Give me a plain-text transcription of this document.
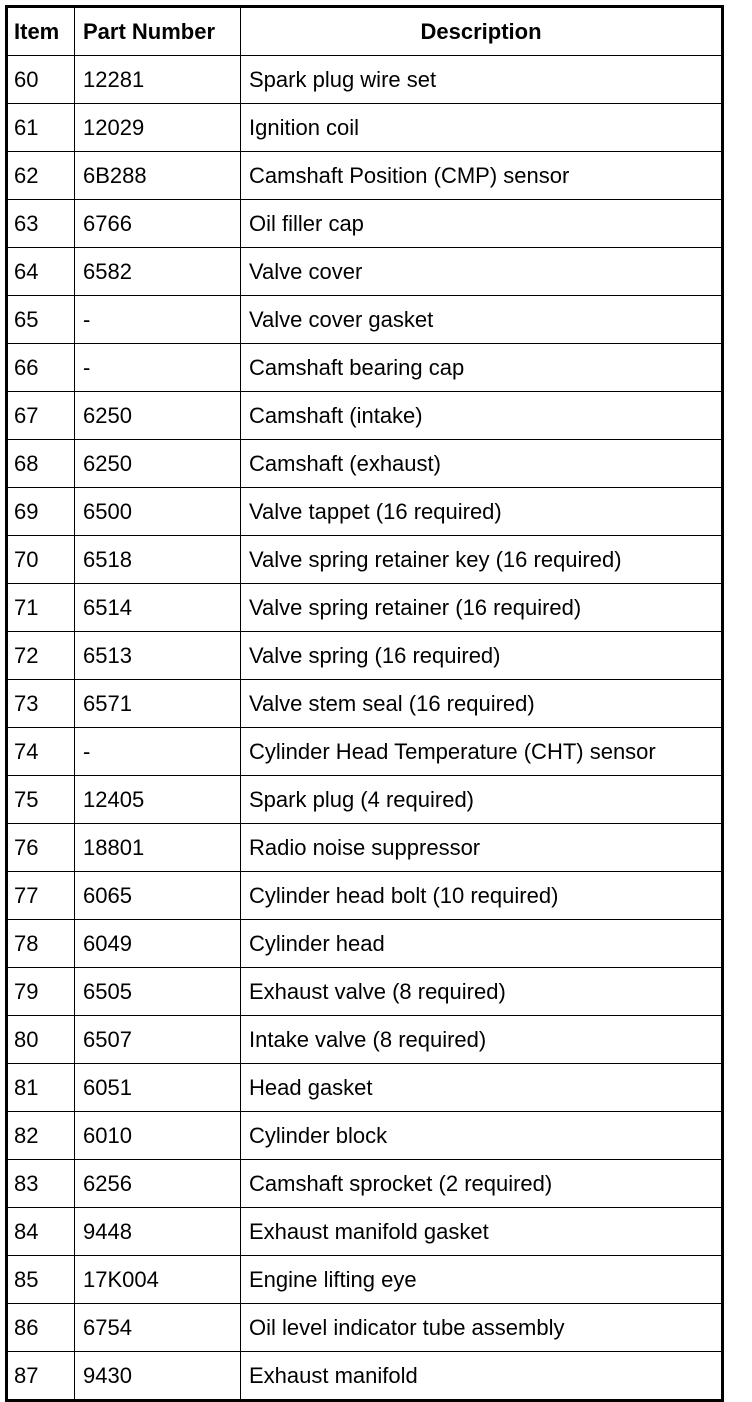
Item	Part Number	Description
60	12281	Spark plug wire set
61	12029	Ignition coil
62	6B288	Camshaft Position (CMP) sensor
63	6766	Oil filler cap
64	6582	Valve cover
65	-	Valve cover gasket
66	-	Camshaft bearing cap
67	6250	Camshaft (intake)
68	6250	Camshaft (exhaust)
69	6500	Valve tappet (16 required)
70	6518	Valve spring retainer key (16 required)
71	6514	Valve spring retainer (16 required)
72	6513	Valve spring (16 required)
73	6571	Valve stem seal (16 required)
74	-	Cylinder Head Temperature (CHT) sensor
75	12405	Spark plug (4 required)
76	18801	Radio noise suppressor
77	6065	Cylinder head bolt (10 required)
78	6049	Cylinder head
79	6505	Exhaust valve (8 required)
80	6507	Intake valve (8 required)
81	6051	Head gasket
82	6010	Cylinder block
83	6256	Camshaft sprocket (2 required)
84	9448	Exhaust manifold gasket
85	17K004	Engine lifting eye
86	6754	Oil level indicator tube assembly
87	9430	Exhaust manifold
